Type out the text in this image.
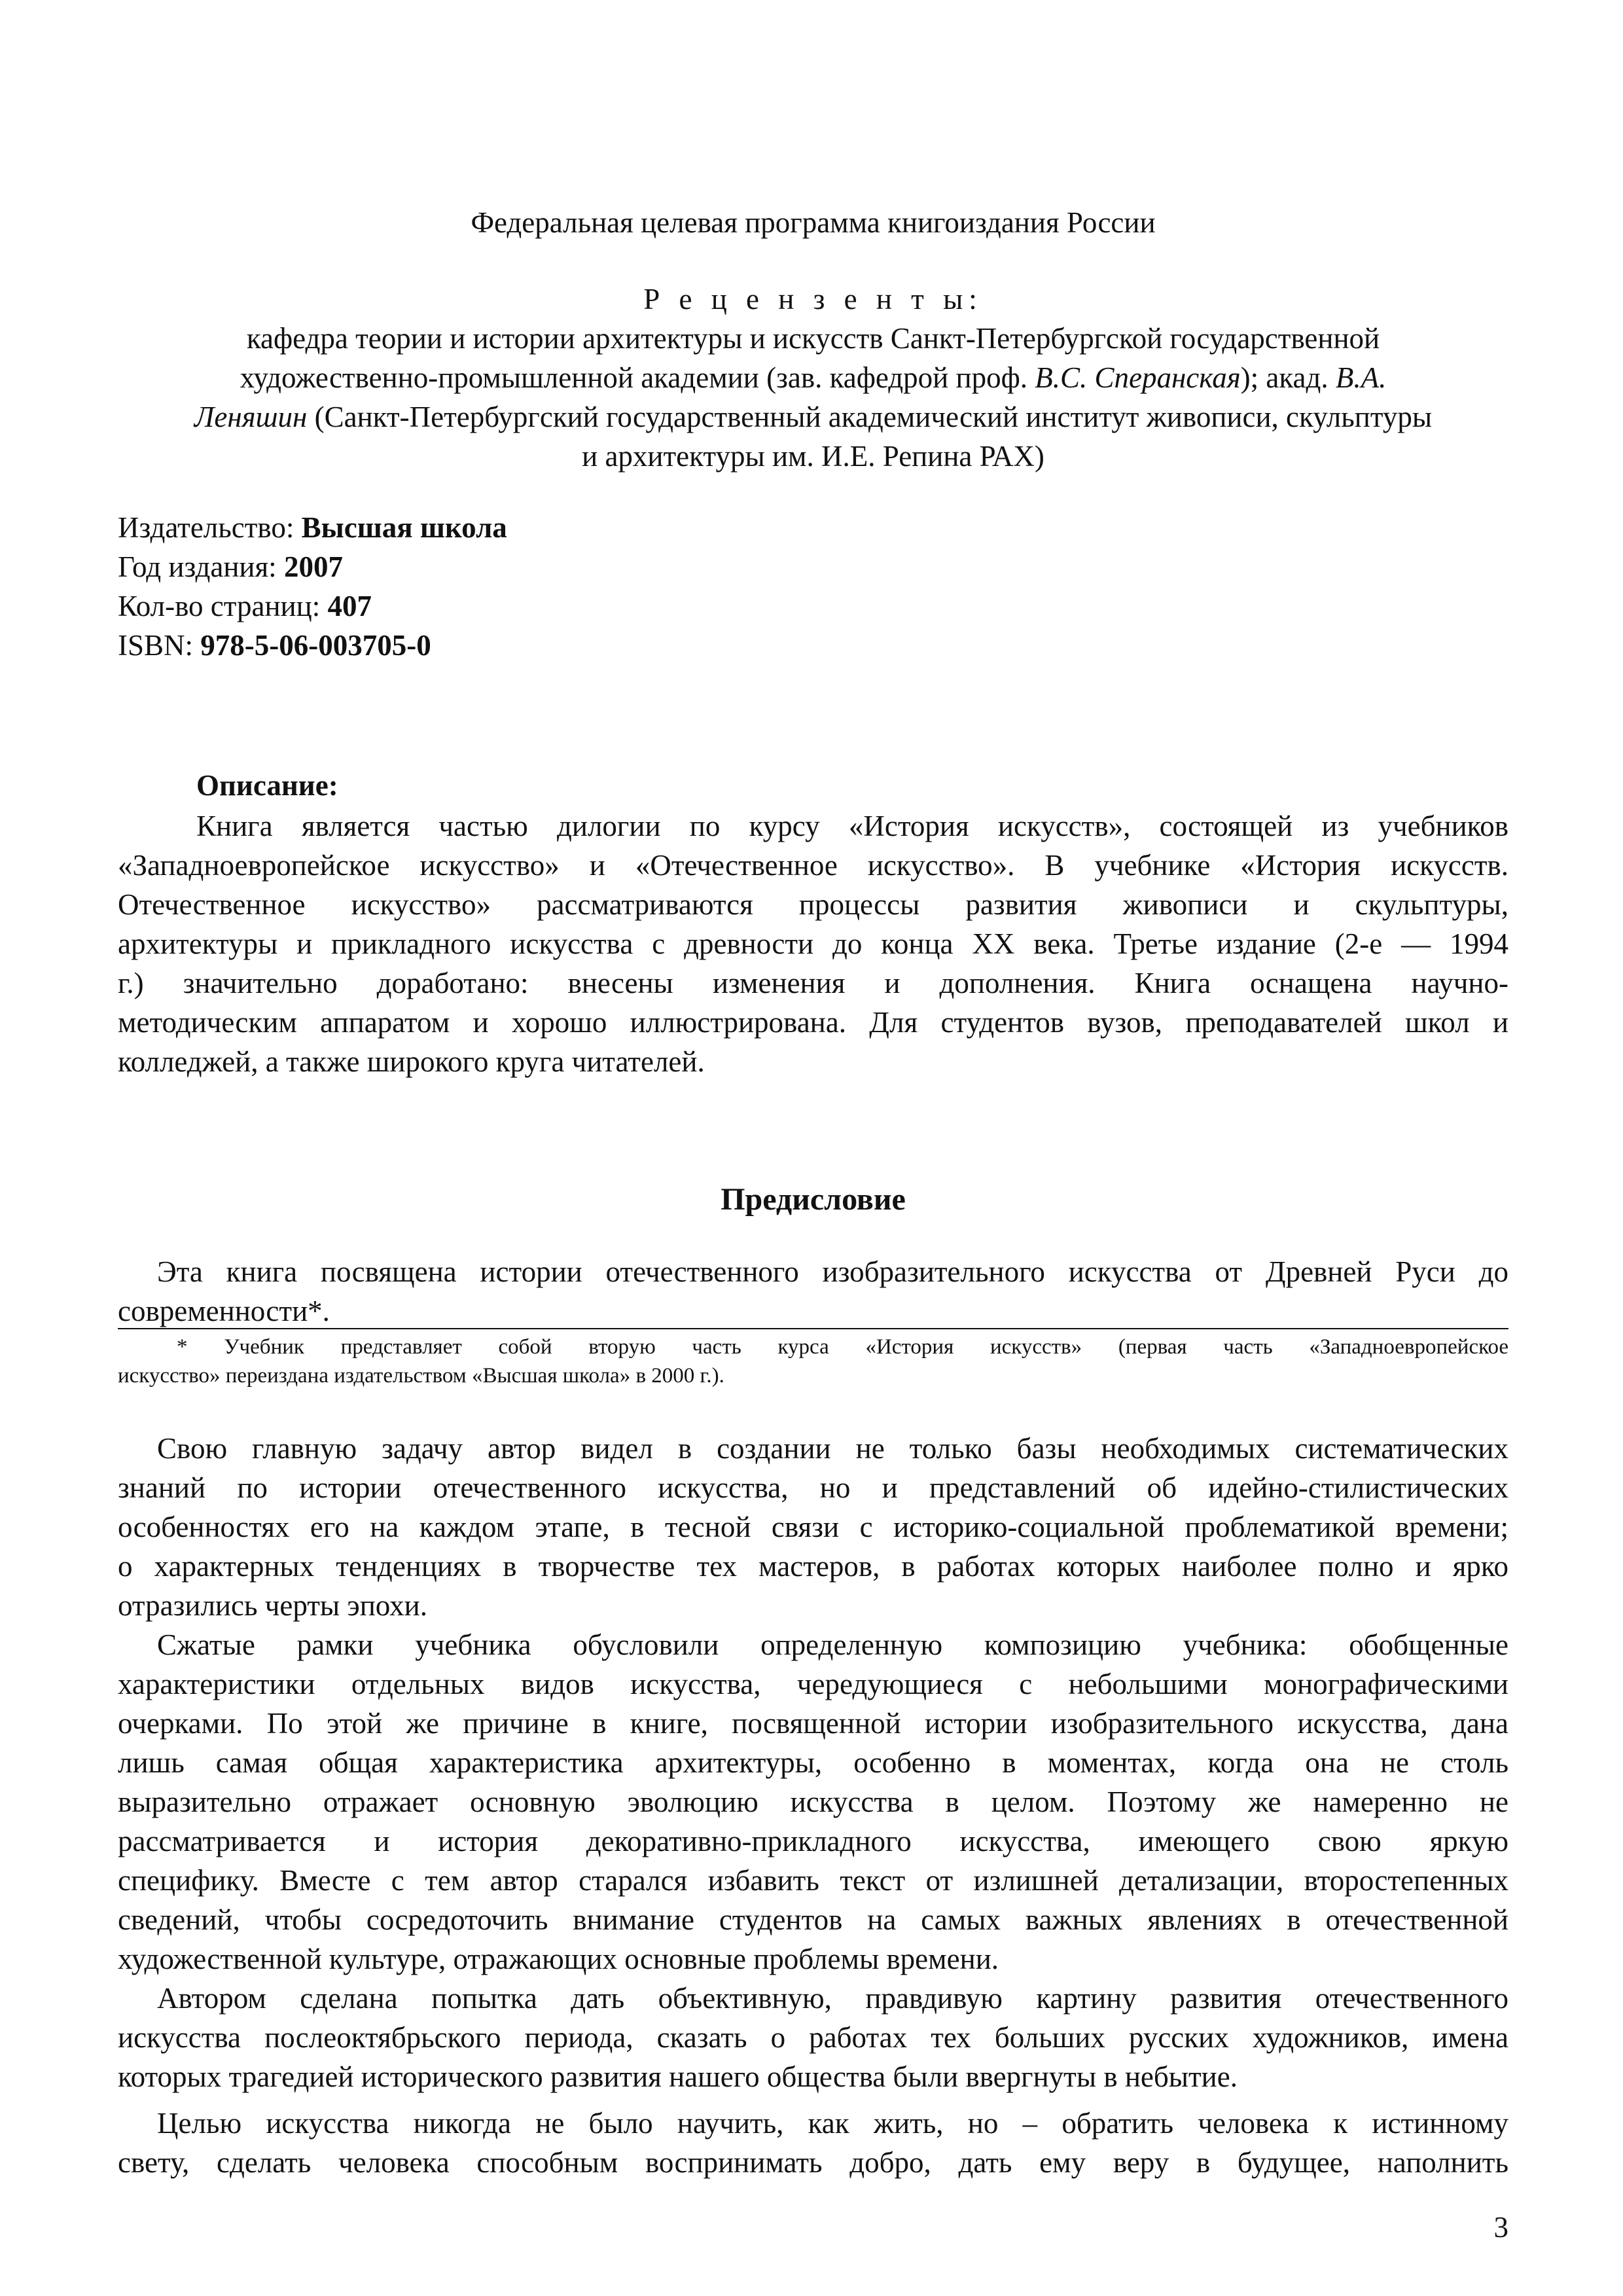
Федеральная целевая программа книгоиздания России
Р е ц е н з е н т ы:
кафедра теории и истории архитектуры и искусств Санкт-Петербургской государственной
художественно-промышленной академии (зав. кафедрой проф. В.С. Сперанская); акад. В.А.
Леняшин (Санкт-Петербургский государственный академический институт живописи, скульптуры
и архитектуры им. И.Е. Репина РАХ)
Издательство: Высшая школа
Год издания: 2007
Кол-во страниц: 407
ISBN: 978-5-06-003705-0
Описание:
Книга является частью дилогии по курсу «История искусств», состоящей из учебников
«Западноевропейское искусство» и «Отечественное искусство». В учебнике «История искусств.
Отечественное искусство» рассматриваются процессы развития живописи и скульптуры,
архитектуры и прикладного искусства с древности до конца XX века. Третье издание (2-е — 1994
г.) значительно доработано: внесены изменения и дополнения. Книга оснащена научно-
методическим аппаратом и хорошо иллюстрирована. Для студентов вузов, преподавателей школ и
колледжей, а также широкого круга читателей.
Предисловие
Эта книга посвящена истории отечественного изобразительного искусства от Древней Руси до
современности*.
* Учебник представляет собой вторую часть курса «История искусств» (первая часть «Западноевропейское
искусство» переиздана издательством «Высшая школа» в 2000 г.).
Свою главную задачу автор видел в создании не только базы необходимых систематических
знаний по истории отечественного искусства, но и представлений об идейно-стилистических
особенностях его на каждом этапе, в тесной связи с историко-социальной проблематикой времени;
о характерных тенденциях в творчестве тех мастеров, в работах которых наиболее полно и ярко
отразились черты эпохи.
Сжатые рамки учебника обусловили определенную композицию учебника: обобщенные
характеристики отдельных видов искусства, чередующиеся с небольшими монографическими
очерками. По этой же причине в книге, посвященной истории изобразительного искусства, дана
лишь самая общая характеристика архитектуры, особенно в моментах, когда она не столь
выразительно отражает основную эволюцию искусства в целом. Поэтому же намеренно не
рассматривается и история декоративно-прикладного искусства, имеющего свою яркую
специфику. Вместе с тем автор старался избавить текст от излишней детализации, второстепенных
сведений, чтобы сосредоточить внимание студентов на самых важных явлениях в отечественной
художественной культуре, отражающих основные проблемы времени.
Автором сделана попытка дать объективную, правдивую картину развития отечественного
искусства послеоктябрьского периода, сказать о работах тех больших русских художников, имена
которых трагедией исторического развития нашего общества были ввергнуты в небытие.
Целью искусства никогда не было научить, как жить, но – обратить человека к истинному
свету, сделать человека способным воспринимать добро, дать ему веру в будущее, наполнить
3
